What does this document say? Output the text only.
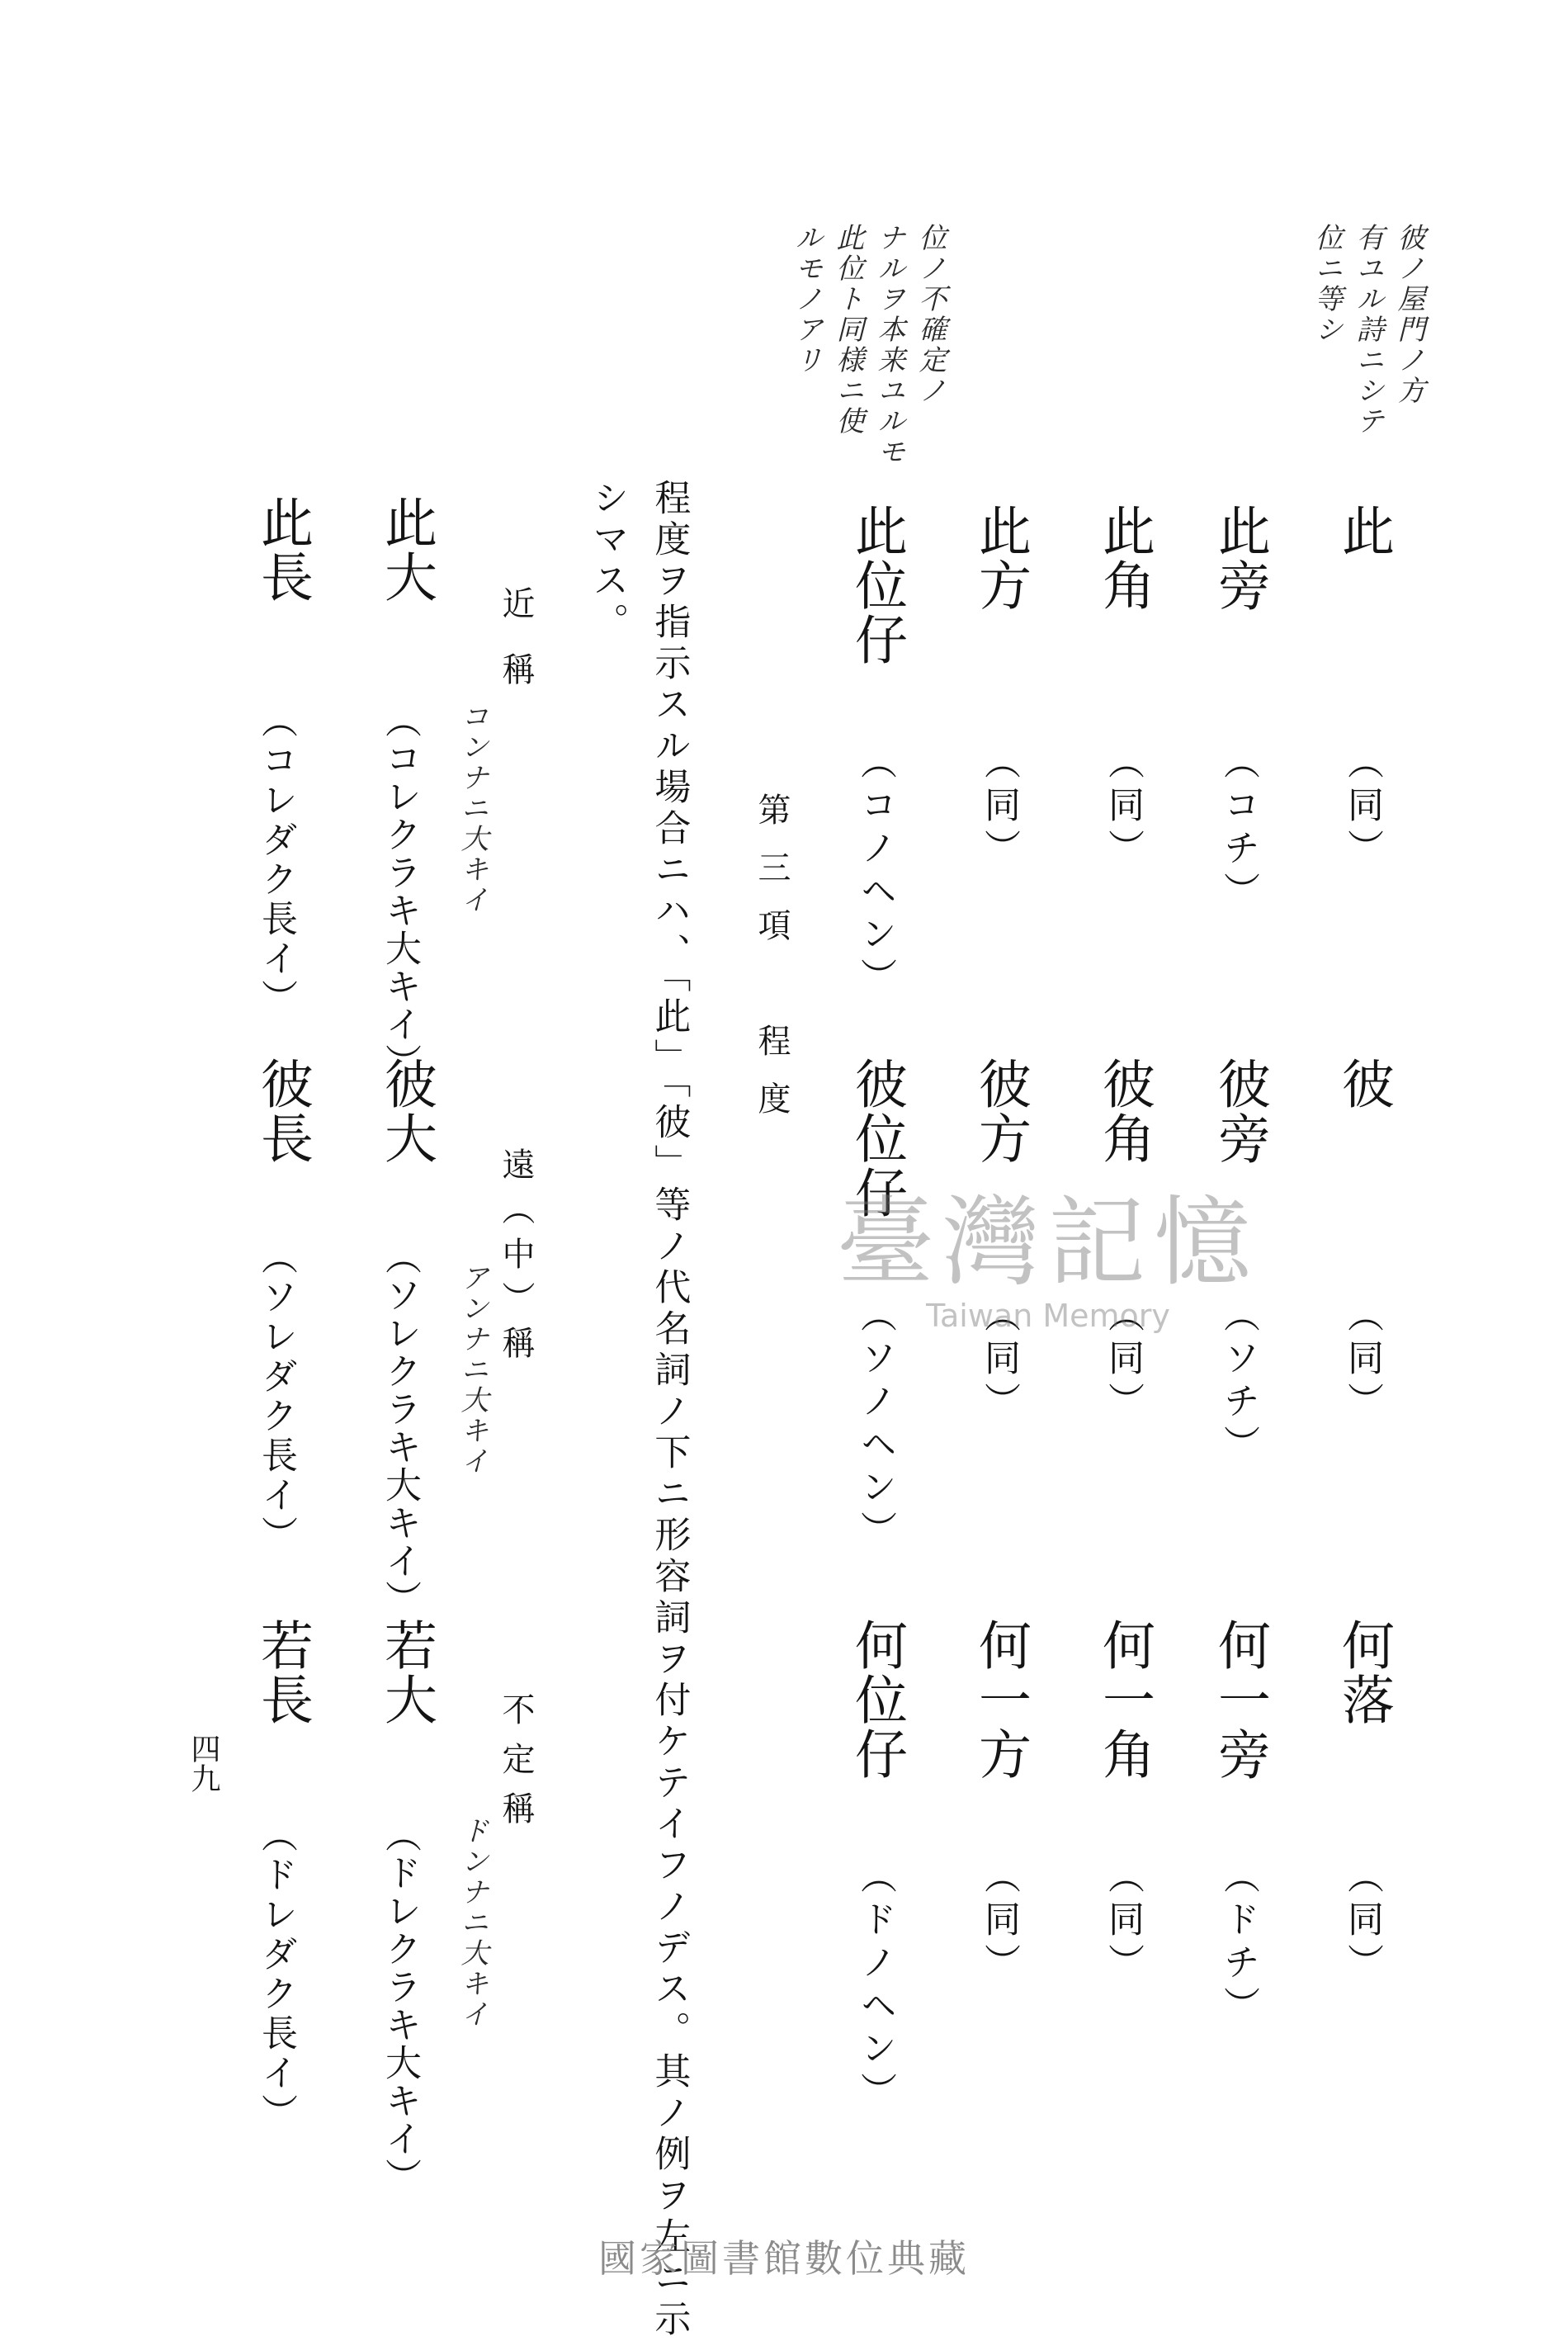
彼ノ屋門ノ方
有ユル詩ニシテ
位ニ等シ
位ノ不確定ノ
ナルヲ本来ユルモ
此位ト同様ニ使
ルモノアリ
此
（同）
此旁
（コチ）
此角
（同）
此方
（同）
此位仔
（コノヘン）
彼
（同）
彼旁
（ソチ）
彼角
（同）
彼方
（同）
彼位仔
（ソノヘン）
何落
（同）
何一旁
（ドチ）
何一角
（同）
何一方
（同）
何位仔
（ドノヘン）
第三項　程度
程度ヲ指示スル場合ニハ、「此」「彼」等ノ代名詞ノ下ニ形容詞ヲ付ケテイフノデス。其ノ例ヲ左ニ示
シマス。
近稱
遠（中）稱
不定稱
コンナニ大キイ
アンナニ大キイ
ドンナニ大キイ
此大
（コレクラキ大キイ）
此長
（コレダク長イ）
彼大
（ソレクラキ大キイ）
彼長
（ソレダク長イ）
若大
（ドレクラキ大キイ）
若長
（ドレダク長イ）
四九
臺灣記憶
Taiwan Memory
國家圖書館數位典藏
